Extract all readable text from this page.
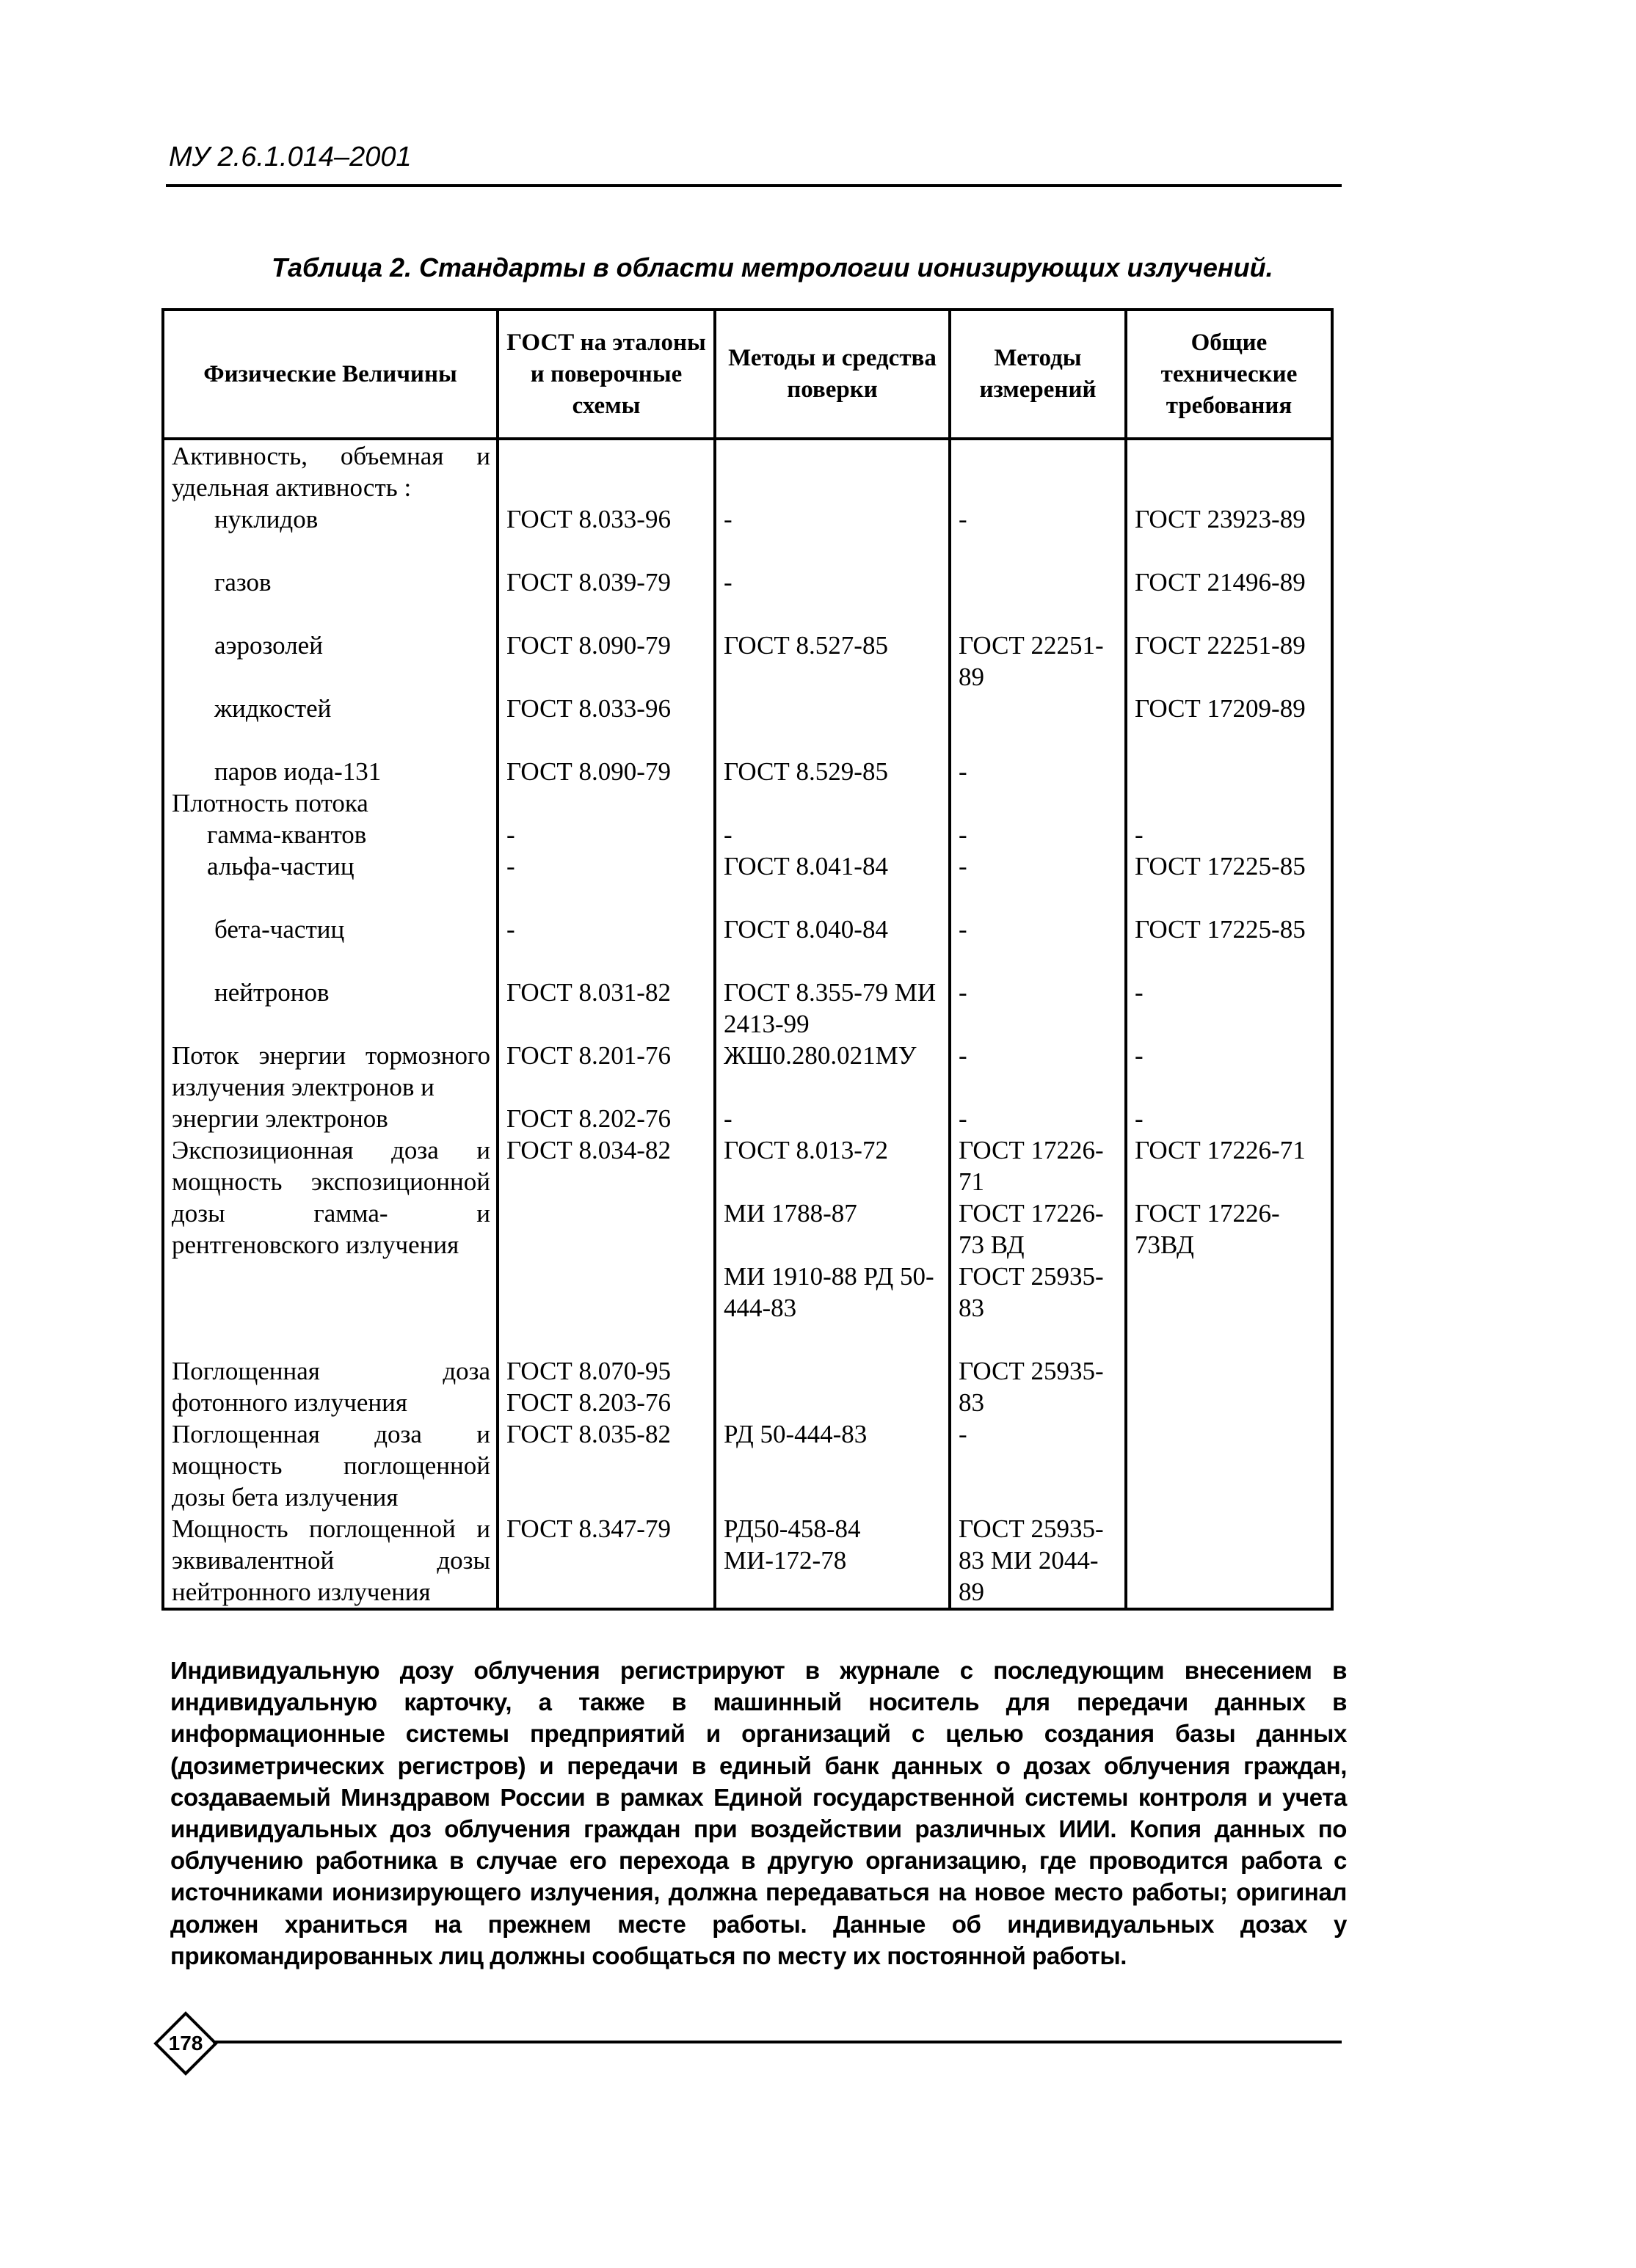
МУ 2.6.1.014–2001
Таблица 2. Стандарты в области метрологии ионизирующих излучений.
Физические Величины	ГОСТ на эталоны и поверочные схемы	Методы и средства поверки	Методы измерений	Общие технические требования
Активность, объемная и удельная активность :				
нуклидов	ГОСТ 8.033-96	-	-	ГОСТ 23923-89
газов	ГОСТ 8.039-79	-		ГОСТ 21496-89
аэрозолей	ГОСТ 8.090-79	ГОСТ 8.527-85	ГОСТ 22251-89	ГОСТ 22251-89
жидкостей	ГОСТ 8.033-96			ГОСТ 17209-89
паров иода-131	ГОСТ 8.090-79	ГОСТ 8.529-85	-	
Плотность потока				
гамма-квантов	-	-	-	-
альфа-частиц	-	ГОСТ 8.041-84	-	ГОСТ 17225-85
бета-частиц	-	ГОСТ 8.040-84	-	ГОСТ 17225-85
нейтронов	ГОСТ 8.031-82	ГОСТ 8.355-79 МИ 2413-99	-	-
Поток энергии тормозного излучения электронов и	ГОСТ 8.201-76	ЖШ0.280.021МУ	-	-
энергии электронов	ГОСТ 8.202-76	-	-	-
Экспозиционная доза и мощность экспозиционной дозы гамма- и рентгеновского излучения	ГОСТ 8.034-82	ГОСТ 8.013-72	ГОСТ 17226-71	ГОСТ 17226-71
		МИ 1788-87	ГОСТ 17226-73 ВД	ГОСТ 17226-73ВД
		МИ 1910-88 РД 50-444-83	ГОСТ 25935-83	
Поглощенная доза фотонного излучения	ГОСТ 8.070-95 ГОСТ 8.203-76		ГОСТ 25935-83	
Поглощенная доза и мощность поглощенной дозы бета излучения	ГОСТ 8.035-82	РД 50-444-83	-	
Мощность поглощенной и эквивалентной дозы нейтронного излучения	ГОСТ 8.347-79	РД50-458-84 МИ-172-78	ГОСТ 25935-83 МИ 2044-89	
Индивидуальную дозу облучения регистрируют в журнале с последующим внесением в индивидуальную карточку, а также в машинный носитель для передачи данных в информационные системы предприятий и организаций с целью создания базы данных (дозиметрических регистров) и передачи в единый банк данных о дозах облучения граждан, создаваемый Минздравом России в рамках Единой государственной системы контроля и учета индивидуальных доз облучения граждан при воздействии различных ИИИ. Копия данных по облучению работника в случае его перехода в другую организацию, где проводится работа с источниками ионизирующего излучения, должна передаваться на новое место работы; оригинал должен храниться на прежнем месте работы. Данные об индивидуальных дозах у прикомандированных лиц должны сообщаться по месту их постоянной работы.
178
